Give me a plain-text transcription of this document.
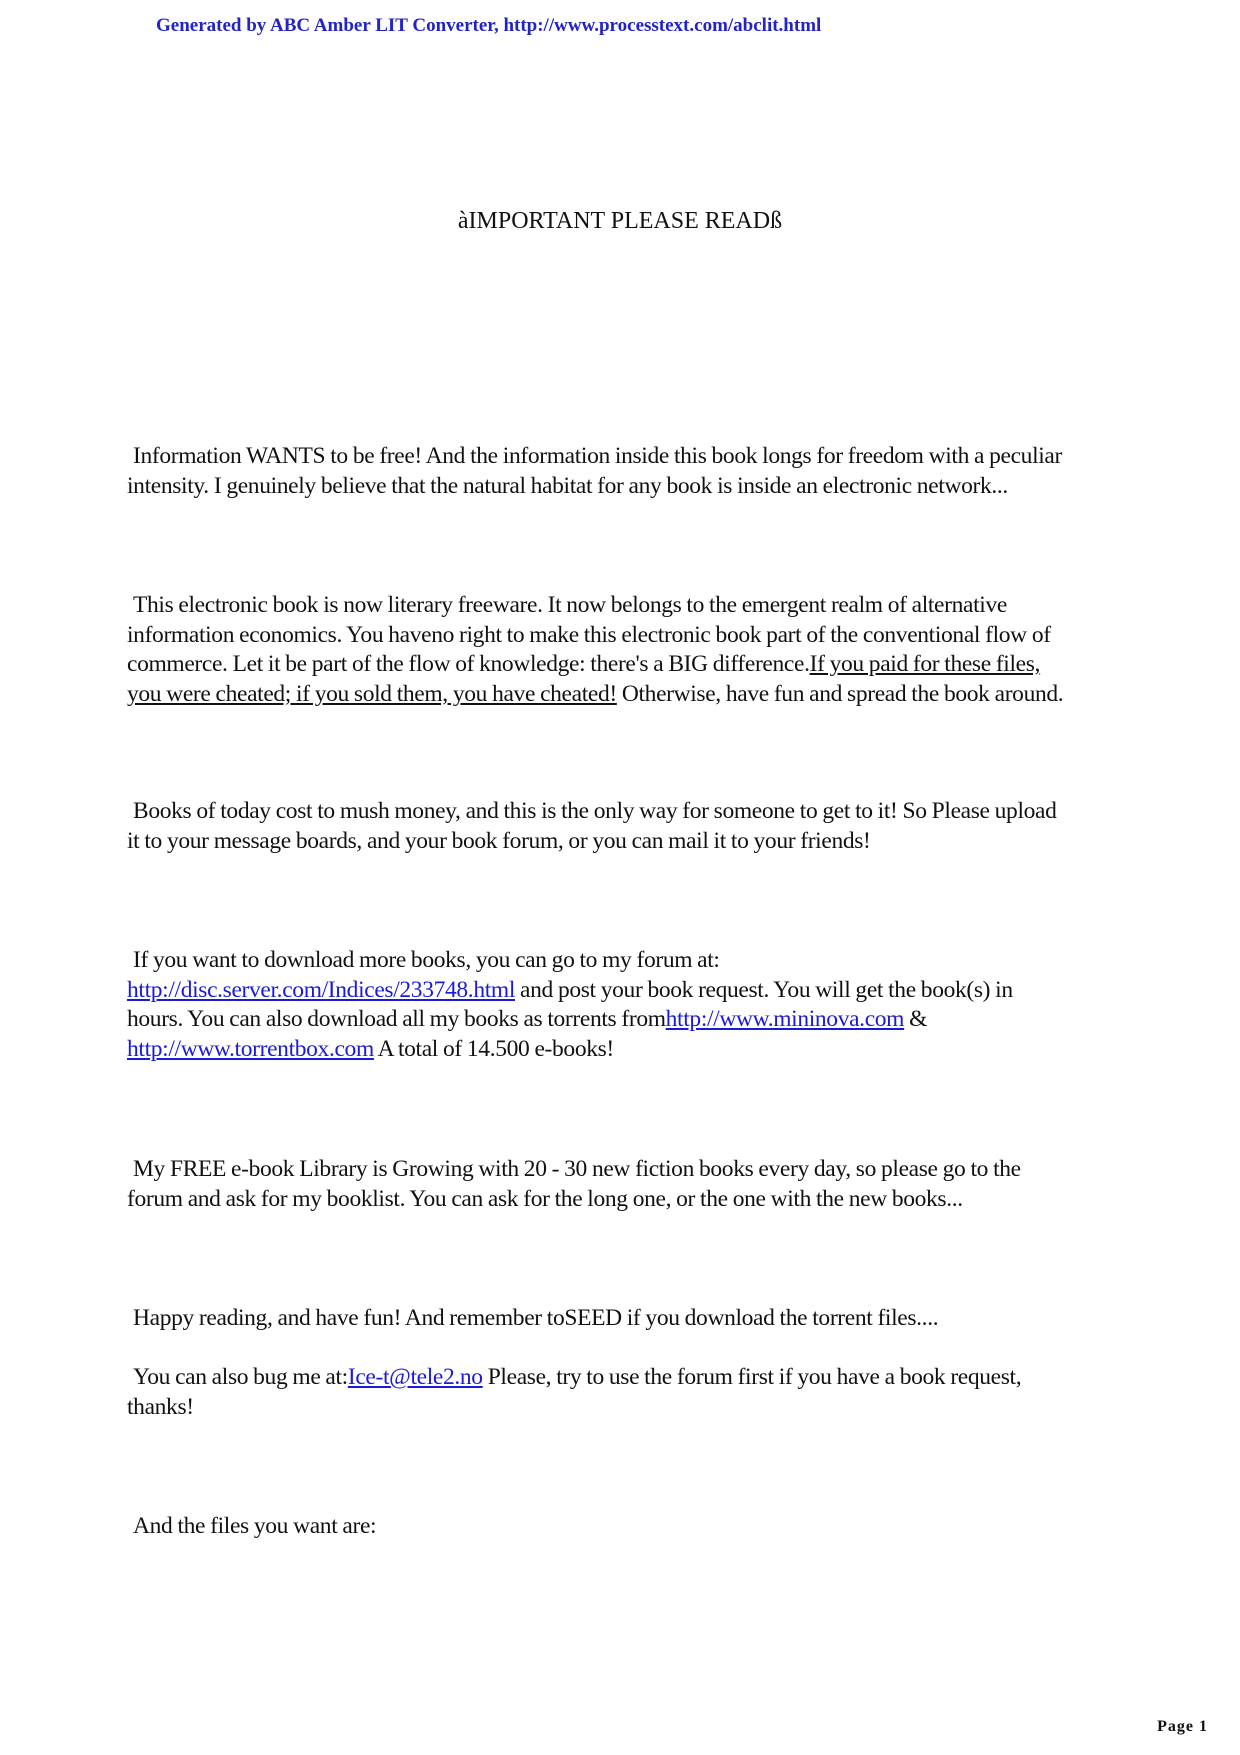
Generated by ABC Amber LIT Converter, http://www.processtext.com/abclit.html
àIMPORTANT PLEASE READß
Information WANTS to be free! And the information inside this book longs for freedom with a peculiar
intensity. I genuinely believe that the natural habitat for any book is inside an electronic network...
This electronic book is now literary freeware. It now belongs to the emergent realm of alternative
information economics. You haveno right to make this electronic book part of the conventional flow of
commerce. Let it be part of the flow of knowledge: there's a BIG difference.If you paid for these files,
you were cheated; if you sold them, you have cheated! Otherwise, have fun and spread the book around.
Books of today cost to mush money, and this is the only way for someone to get to it! So Please upload
it to your message boards, and your book forum, or you can mail it to your friends!
If you want to download more books, you can go to my forum at:
http://disc.server.com/Indices/233748.html and post your book request. You will get the book(s) in
hours. You can also download all my books as torrents fromhttp://www.mininova.com &
http://www.torrentbox.com A total of 14.500 e-books!
My FREE e-book Library is Growing with 20 - 30 new fiction books every day, so please go to the
forum and ask for my booklist. You can ask for the long one, or the one with the new books...
Happy reading, and have fun! And remember toSEED if you download the torrent files....
You can also bug me at:Ice-t@tele2.no Please, try to use the forum first if you have a book request,
thanks!
And the files you want are:
Page 1
